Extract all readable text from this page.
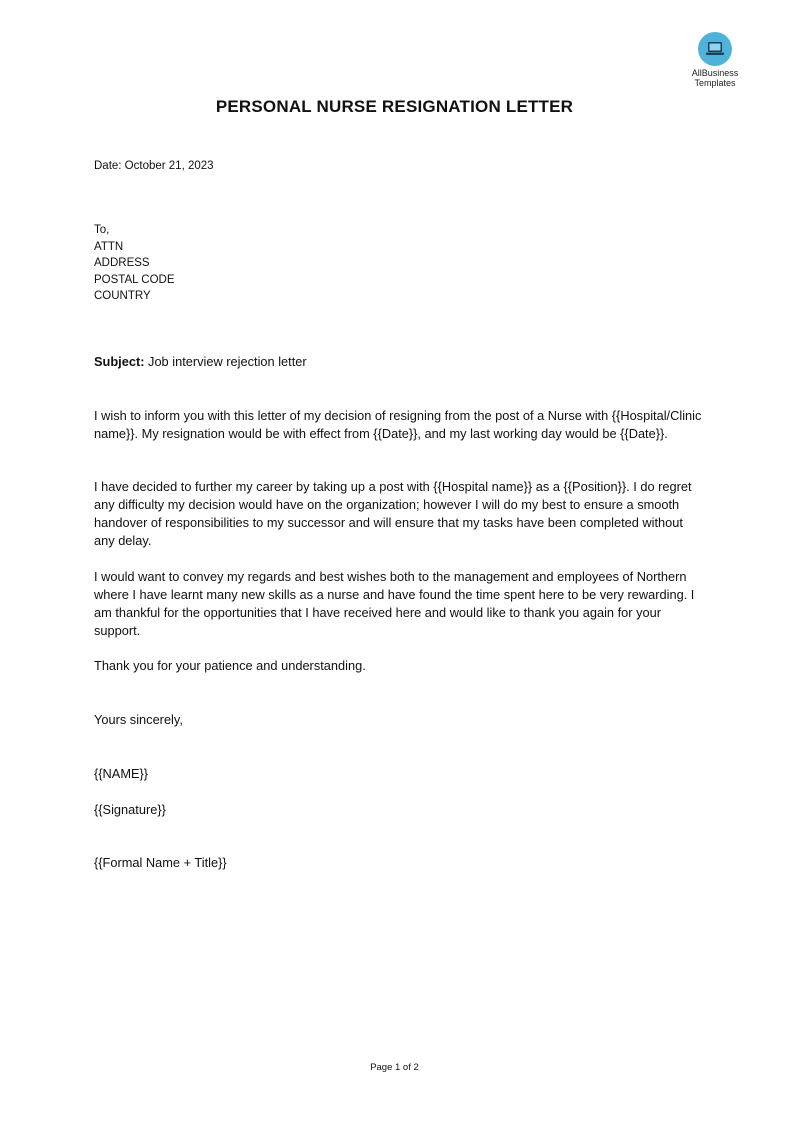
AllBusiness
Templates
PERSONAL NURSE RESIGNATION LETTER
Date: October 21, 2023
To,
ATTN
ADDRESS
POSTAL CODE
COUNTRY
Subject: Job interview rejection letter

I wish to inform you with this letter of my decision of resigning from the post of a Nurse with {{Hospital/Clinic name}}. My resignation would be with effect from {{Date}}, and my last working day would be {{Date}}.

I have decided to further my career by taking up a post with {{Hospital name}} as a {{Position}}. I do regret any difficulty my decision would have on the organization; however I will do my best to ensure a smooth handover of responsibilities to my successor and will ensure that my tasks have been completed without any delay.

I would want to convey my regards and best wishes both to the management and employees of Northern where I have learnt many new skills as a nurse and have found the time spent here to be very rewarding. I am thankful for the opportunities that I have received here and would like to thank you again for your support.

Thank you for your patience and understanding.

Yours sincerely,
{{NAME}}
{{Signature}}
{{Formal Name + Title}}
Page 1 of 2
